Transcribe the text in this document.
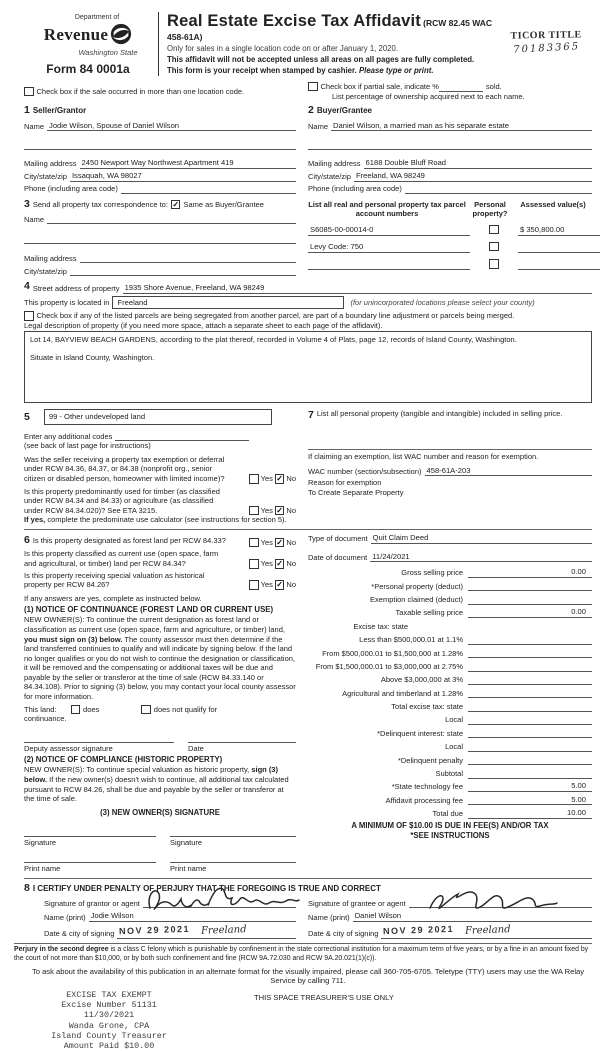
Department of
Revenue
Washington State
Form 84 0001a
Real Estate Excise Tax Affidavit (RCW 82.45 WAC 458-61A)
Only for sales in a single location code on or after January 1, 2020.
This affidavit will not be accepted unless all areas on all pages are fully completed.
This form is your receipt when stamped by cashier. Please type or print.
TICOR TITLE
70183365
Check box if the sale occurred in more than one location code.
Check box if partial sale, indicate %	sold.
List percentage of ownership acquired next to each name.
1 Seller/Grantor
Name Jodie Wilson, Spouse of Daniel Wilson
Mailing address 2450 Newport Way Northwest Apartment 419
City/state/zip Issaquah, WA 98027
Phone (including area code)
2 Buyer/Grantee
Name Daniel Wilson, a married man as his separate estate
Mailing address 6188 Double Bluff Road
City/state/zip Freeland, WA 98249
Phone (including area code)
3 Send all property tax correspondence to: ✓ Same as Buyer/Grantee
Name
Mailing address
City/state/zip
List all real and personal property tax parcel account numbers
Personal property?
Assessed value(s)
S6085-00-00014-0	$ 350,800.00
Levy Code: 750
4 Street address of property 1935 Shore Avenue, Freeland, WA 98249
This property is located in	Freeland	(for unincorporated locations please select your county)
Check box if any of the listed parcels are being segregated from another parcel, are part of a boundary line adjustment or parcels being merged.
Legal description of property (if you need more space, attach a separate sheet to each page of the affidavit).
Lot 14, BAYVIEW BEACH GARDENS, according to the plat thereof, recorded in Volume 4 of Plats, page 12, records of Island County, Washington.
Situate in Island County, Washington.
5	99 - Other undeveloped land
Enter any additional codes
(see back of last page for instructions)
Was the seller receiving a property tax exemption or deferral under RCW 84.36, 84.37, or 84.38 (nonprofit org., senior citizen or disabled person, homeowner with limited income)?	Yes ✓ No
Is this property predominantly used for timber (as classified under RCW 84.34 and 84.33) or agriculture (as classified under RCW 84.34.020)? See ETA 3215.	Yes ✓ No
If yes, complete the predominate use calculator (see instructions for section 5).
7 List all personal property (tangible and intangible) included in selling price.
If claiming an exemption, list WAC number and reason for exemption.
WAC number (section/subsection) 458-61A-203
Reason for exemption
To Create Separate Property
6 Is this property designated as forest land per RCW 84.33?	Yes ✓ No
Is this property classified as current use (open space, farm and agricultural, or timber) land per RCW 84.34?	Yes ✓ No
Is this property receiving special valuation as historical property per RCW 84.26?	Yes ✓ No
If any answers are yes, complete as instructed below.
(1) NOTICE OF CONTINUANCE (FOREST LAND OR CURRENT USE)
NEW OWNER(S): To continue the current designation as forest land or classification as current use (open space, farm and agriculture, or timber) land, you must sign on (3) below. The county assessor must then determine if the land transferred continues to qualify and will indicate by signing below. If the land no longer qualifies or you do not wish to continue the designation or classification, it will be removed and the compensating or additional taxes will be due and payable by the seller or transferor at the time of sale (RCW 84.33.140 or 84.34.108). Prior to signing (3) below, you may contact your local county assessor for more information.
This land:	does	does not qualify for
continuance.
Deputy assessor signature	Date
(2) NOTICE OF COMPLIANCE (HISTORIC PROPERTY)
NEW OWNER(S): To continue special valuation as historic property, sign (3) below. If the new owner(s) doesn't wish to continue, all additional tax calculated pursuant to RCW 84.26, shall be due and payable by the seller or transferor at the time of sale.
(3) NEW OWNER(S) SIGNATURE
Signature	Signature
Print name	Print name
Type of document Quit Claim Deed
Date of document 11/24/2021
Gross selling price	0.00
*Personal property (deduct)
Exemption claimed (deduct)
Taxable selling price	0.00
Excise tax: state
Less than $500,000.01 at 1.1%
From $500,000.01 to $1,500,000 at 1.28%
From $1,500,000.01 to $3,000,000 at 2.75%
Above $3,000,000 at 3%
Agricultural and timberland at 1.28%
Total excise tax: state
Local
*Delinquent interest: state
Local
*Delinquent penalty
Subtotal
*State technology fee	5.00
Affidavit processing fee	5.00
Total due	10.00
A MINIMUM OF $10.00 IS DUE IN FEE(S) AND/OR TAX
*SEE INSTRUCTIONS
8 I CERTIFY UNDER PENALTY OF PERJURY THAT THE FOREGOING IS TRUE AND CORRECT
Signature of grantor or agent
Name (print) Jodie Wilson
Date & city of signing NOV 29 2021 Freeland
Signature of grantee or agent
Name (print) Daniel Wilson
Date & city of signing NOV 29 2021 Freeland
Perjury in the second degree is a class C felony which is punishable by confinement in the state correctional institution for a maximum term of five years, or by a fine in an amount fixed by the court of not more than $10,000, or by both such confinement and fine (RCW 9A.72.030 and RCW 9A.20.021(1)(c)).
To ask about the availability of this publication in an alternate format for the visually impaired, please call 360-705-6705. Teletype (TTY) users may use the WA Relay Service by calling 711.
EXCISE TAX EXEMPT
Excise Number 51131
11/30/2021
Wanda Grone, CPA
Island County Treasurer
Amount Paid $10.00
THIS SPACE TREASURER'S USE ONLY
